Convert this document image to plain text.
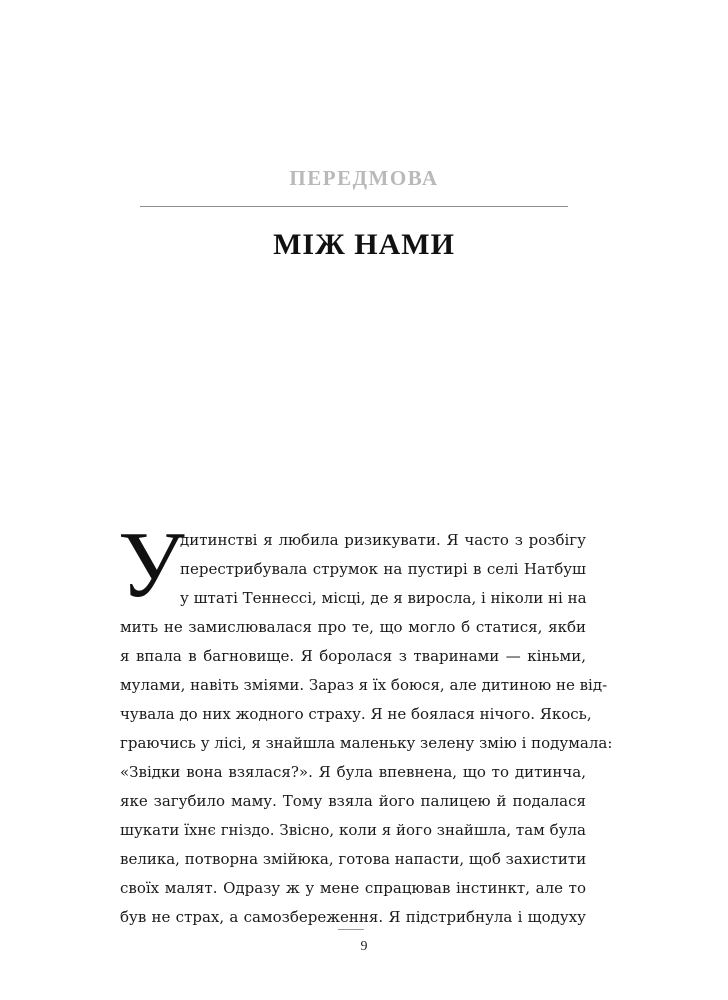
ПЕРЕДМОВА
МІЖ НАМИ
У
дитинстві я любила ризикувати. Я часто з розбігу
перестрибувала струмок на пустирі в селі Натбуш
у штаті Теннессі, місці, де я виросла, і ніколи ні на
мить не замислювалася про те, що могло б статися, якби
я впала в багновище. Я боролася з тваринами — кіньми,
мулами, навіть зміями. Зараз я їх боюся, але дитиною не від-
чувала до них жодного страху. Я не боялася нічого. Якось,
граючись у лісі, я знайшла маленьку зелену змію і подумала:
«Звідки вона взялася?». Я була впевнена, що то дитинча,
яке загубило маму. Тому взяла його палицею й подалася
шукати їхнє гніздо. Звісно, коли я його знайшла, там була
велика, потворна змійюка, готова напасти, щоб захистити
своїх малят. Одразу ж у мене спрацював інстинкт, але то
був не страх, а самозбереження. Я підстрибнула і щодуху
9
